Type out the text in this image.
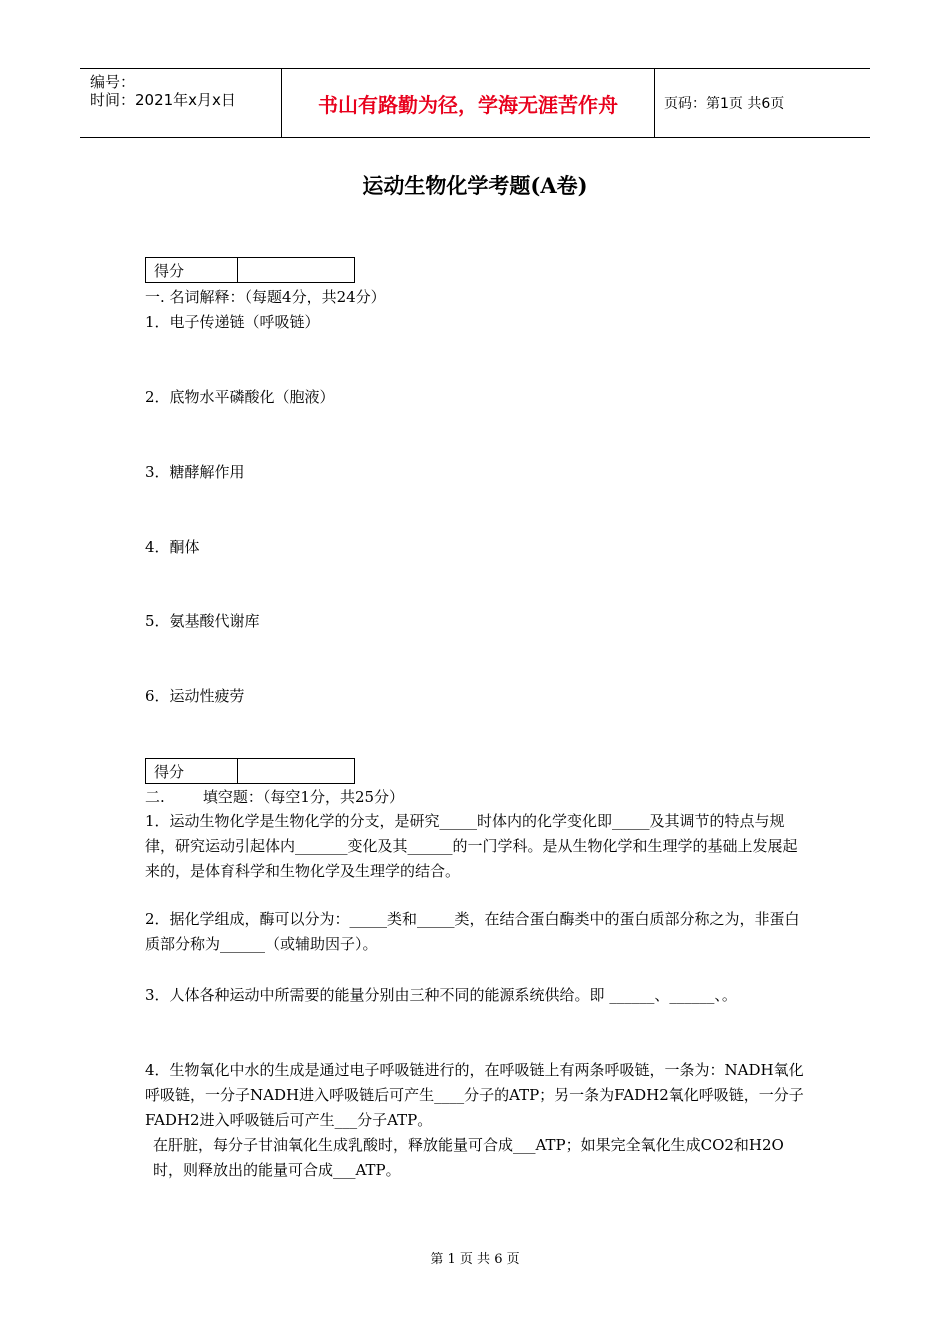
编号：
时间：2021年x月x日	书山有路勤为径，学海无涯苦作舟	页码：第1页 共6页
运动生物化学考题(A卷)
得分
一. 名词解释：（每题4分，共24分）
1．电子传递链（呼吸链）
2．底物水平磷酸化（胞液）
3．糖酵解作用
4．酮体
5．氨基酸代谢库
6．运动性疲劳
得分
二.        填空题：（每空1分，共25分）
1．运动生物化学是生物化学的分支，是研究_____时体内的化学变化即_____及其调节的特点与规律，研究运动引起体内_______变化及其______的一门学科。是从生物化学和生理学的基础上发展起来的，是体育科学和生物化学及生理学的结合。
2．据化学组成，酶可以分为：_____类和_____类，在结合蛋白酶类中的蛋白质部分称之为，非蛋白质部分称为______（或辅助因子）。
3．人体各种运动中所需要的能量分别由三种不同的能源系统供给。即 ______、______、。
4．生物氧化中水的生成是通过电子呼吸链进行的，在呼吸链上有两条呼吸链，一条为：NADH氧化呼吸链，一分子NADH进入呼吸链后可产生____分子的ATP；另一条为FADH2氧化呼吸链，一分子FADH2进入呼吸链后可产生___分子ATP。
在肝脏，每分子甘油氧化生成乳酸时，释放能量可合成___ATP；如果完全氧化生成CO2和H2O时，则释放出的能量可合成___ATP。
第 1 页 共 6 页
